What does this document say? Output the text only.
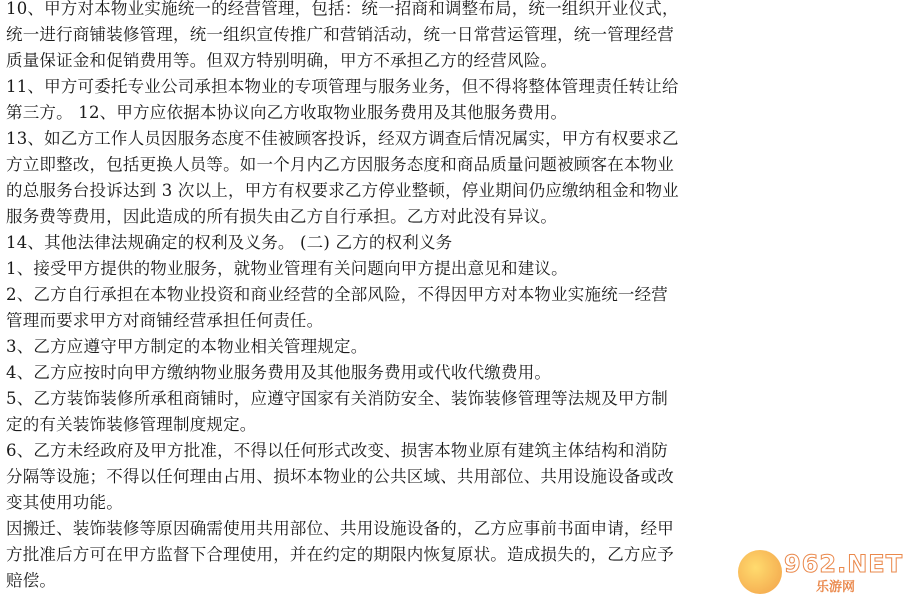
10、甲方对本物业实施统一的经营管理，包括：统一招商和调整布局，统一组织开业仪式，
统一进行商铺装修管理，统一组织宣传推广和营销活动，统一日常营运管理，统一管理经营
质量保证金和促销费用等。但双方特别明确，甲方不承担乙方的经营风险。
11、甲方可委托专业公司承担本物业的专项管理与服务业务，但不得将整体管理责任转让给
第三方。 12、甲方应依据本协议向乙方收取物业服务费用及其他服务费用。
13、如乙方工作人员因服务态度不佳被顾客投诉，经双方调查后情况属实，甲方有权要求乙
方立即整改，包括更换人员等。如一个月内乙方因服务态度和商品质量问题被顾客在本物业
的总服务台投诉达到 3 次以上，甲方有权要求乙方停业整顿，停业期间仍应缴纳租金和物业
服务费等费用，因此造成的所有损失由乙方自行承担。乙方对此没有异议。
14、其他法律法规确定的权利及义务。 (二) 乙方的权利义务
1、接受甲方提供的物业服务，就物业管理有关问题向甲方提出意见和建议。
2、乙方自行承担在本物业投资和商业经营的全部风险，不得因甲方对本物业实施统一经营
管理而要求甲方对商铺经营承担任何责任。
3、乙方应遵守甲方制定的本物业相关管理规定。
4、乙方应按时向甲方缴纳物业服务费用及其他服务费用或代收代缴费用。
5、乙方装饰装修所承租商铺时，应遵守国家有关消防安全、装饰装修管理等法规及甲方制
定的有关装饰装修管理制度规定。
6、乙方未经政府及甲方批准，不得以任何形式改变、损害本物业原有建筑主体结构和消防
分隔等设施；不得以任何理由占用、损坏本物业的公共区域、共用部位、共用设施设备或改
变其使用功能。
因搬迁、装饰装修等原因确需使用共用部位、共用设施设备的，乙方应事前书面申请，经甲
方批准后方可在甲方监督下合理使用，并在约定的期限内恢复原状。造成损失的，乙方应予
赔偿。
962.NET
乐游网
